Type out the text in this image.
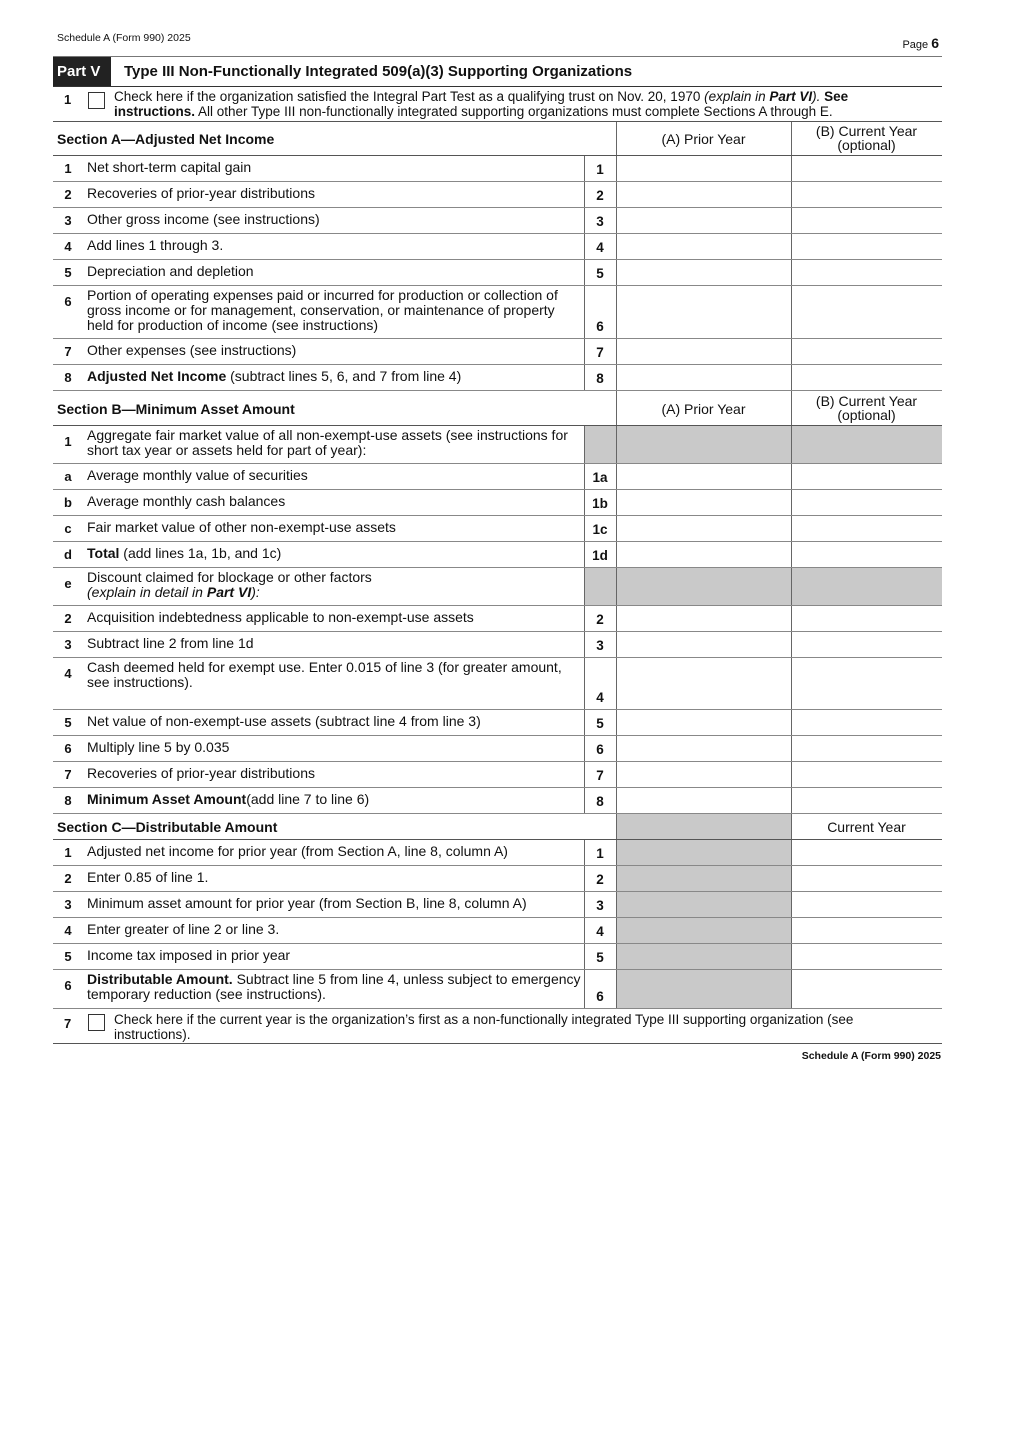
Schedule A (Form 990) 2025
Page 6
Part V	Type III Non-Functionally Integrated 509(a)(3) Supporting Organizations
1	Check here if the organization satisfied the Integral Part Test as a qualifying trust on Nov. 20, 1970 (explain in Part VI). See
instructions. All other Type III non-functionally integrated supporting organizations must complete Sections A through E.
Section A—Adjusted Net Income	(A) Prior Year	(B) Current Year
(optional)
1 Net short-term capital gain	1
2 Recoveries of prior-year distributions	2
3 Other gross income (see instructions)	3
4 Add lines 1 through 3.	4
5 Depreciation and depletion	5
6 Portion of operating expenses paid or incurred for production or collection of gross income or for management, conservation, or maintenance of property held for production of income (see instructions)	6
7 Other expenses (see instructions)	7
8 Adjusted Net Income (subtract lines 5, 6, and 7 from line 4)	8
Section B—Minimum Asset Amount	(A) Prior Year	(B) Current Year
(optional)
1 Aggregate fair market value of all non-exempt-use assets (see instructions for short tax year or assets held for part of year):
a Average monthly value of securities	1a
b Average monthly cash balances	1b
c Fair market value of other non-exempt-use assets	1c
d Total (add lines 1a, 1b, and 1c)	1d
e Discount claimed for blockage or other factors
(explain in detail in Part VI):
2 Acquisition indebtedness applicable to non-exempt-use assets	2
3 Subtract line 2 from line 1d	3
4 Cash deemed held for exempt use. Enter 0.015 of line 3 (for greater amount,
see instructions).
4
5 Net value of non-exempt-use assets (subtract line 4 from line 3)	5
6 Multiply line 5 by 0.035	6
7 Recoveries of prior-year distributions	7
8 Minimum Asset Amount(add line 7 to line 6)	8
Section C—Distributable Amount	Current Year
1 Adjusted net income for prior year (from Section A, line 8, column A)	1
2 Enter 0.85 of line 1.	2
3 Minimum asset amount for prior year (from Section B, line 8, column A)	3
4 Enter greater of line 2 or line 3.	4
5 Income tax imposed in prior year	5
6 Distributable Amount. Subtract line 5 from line 4, unless subject to emergency temporary reduction (see instructions).	6
7	Check here if the current year is the organization’s first as a non-functionally integrated Type III supporting organization (see instructions).
Schedule A (Form 990) 2025
